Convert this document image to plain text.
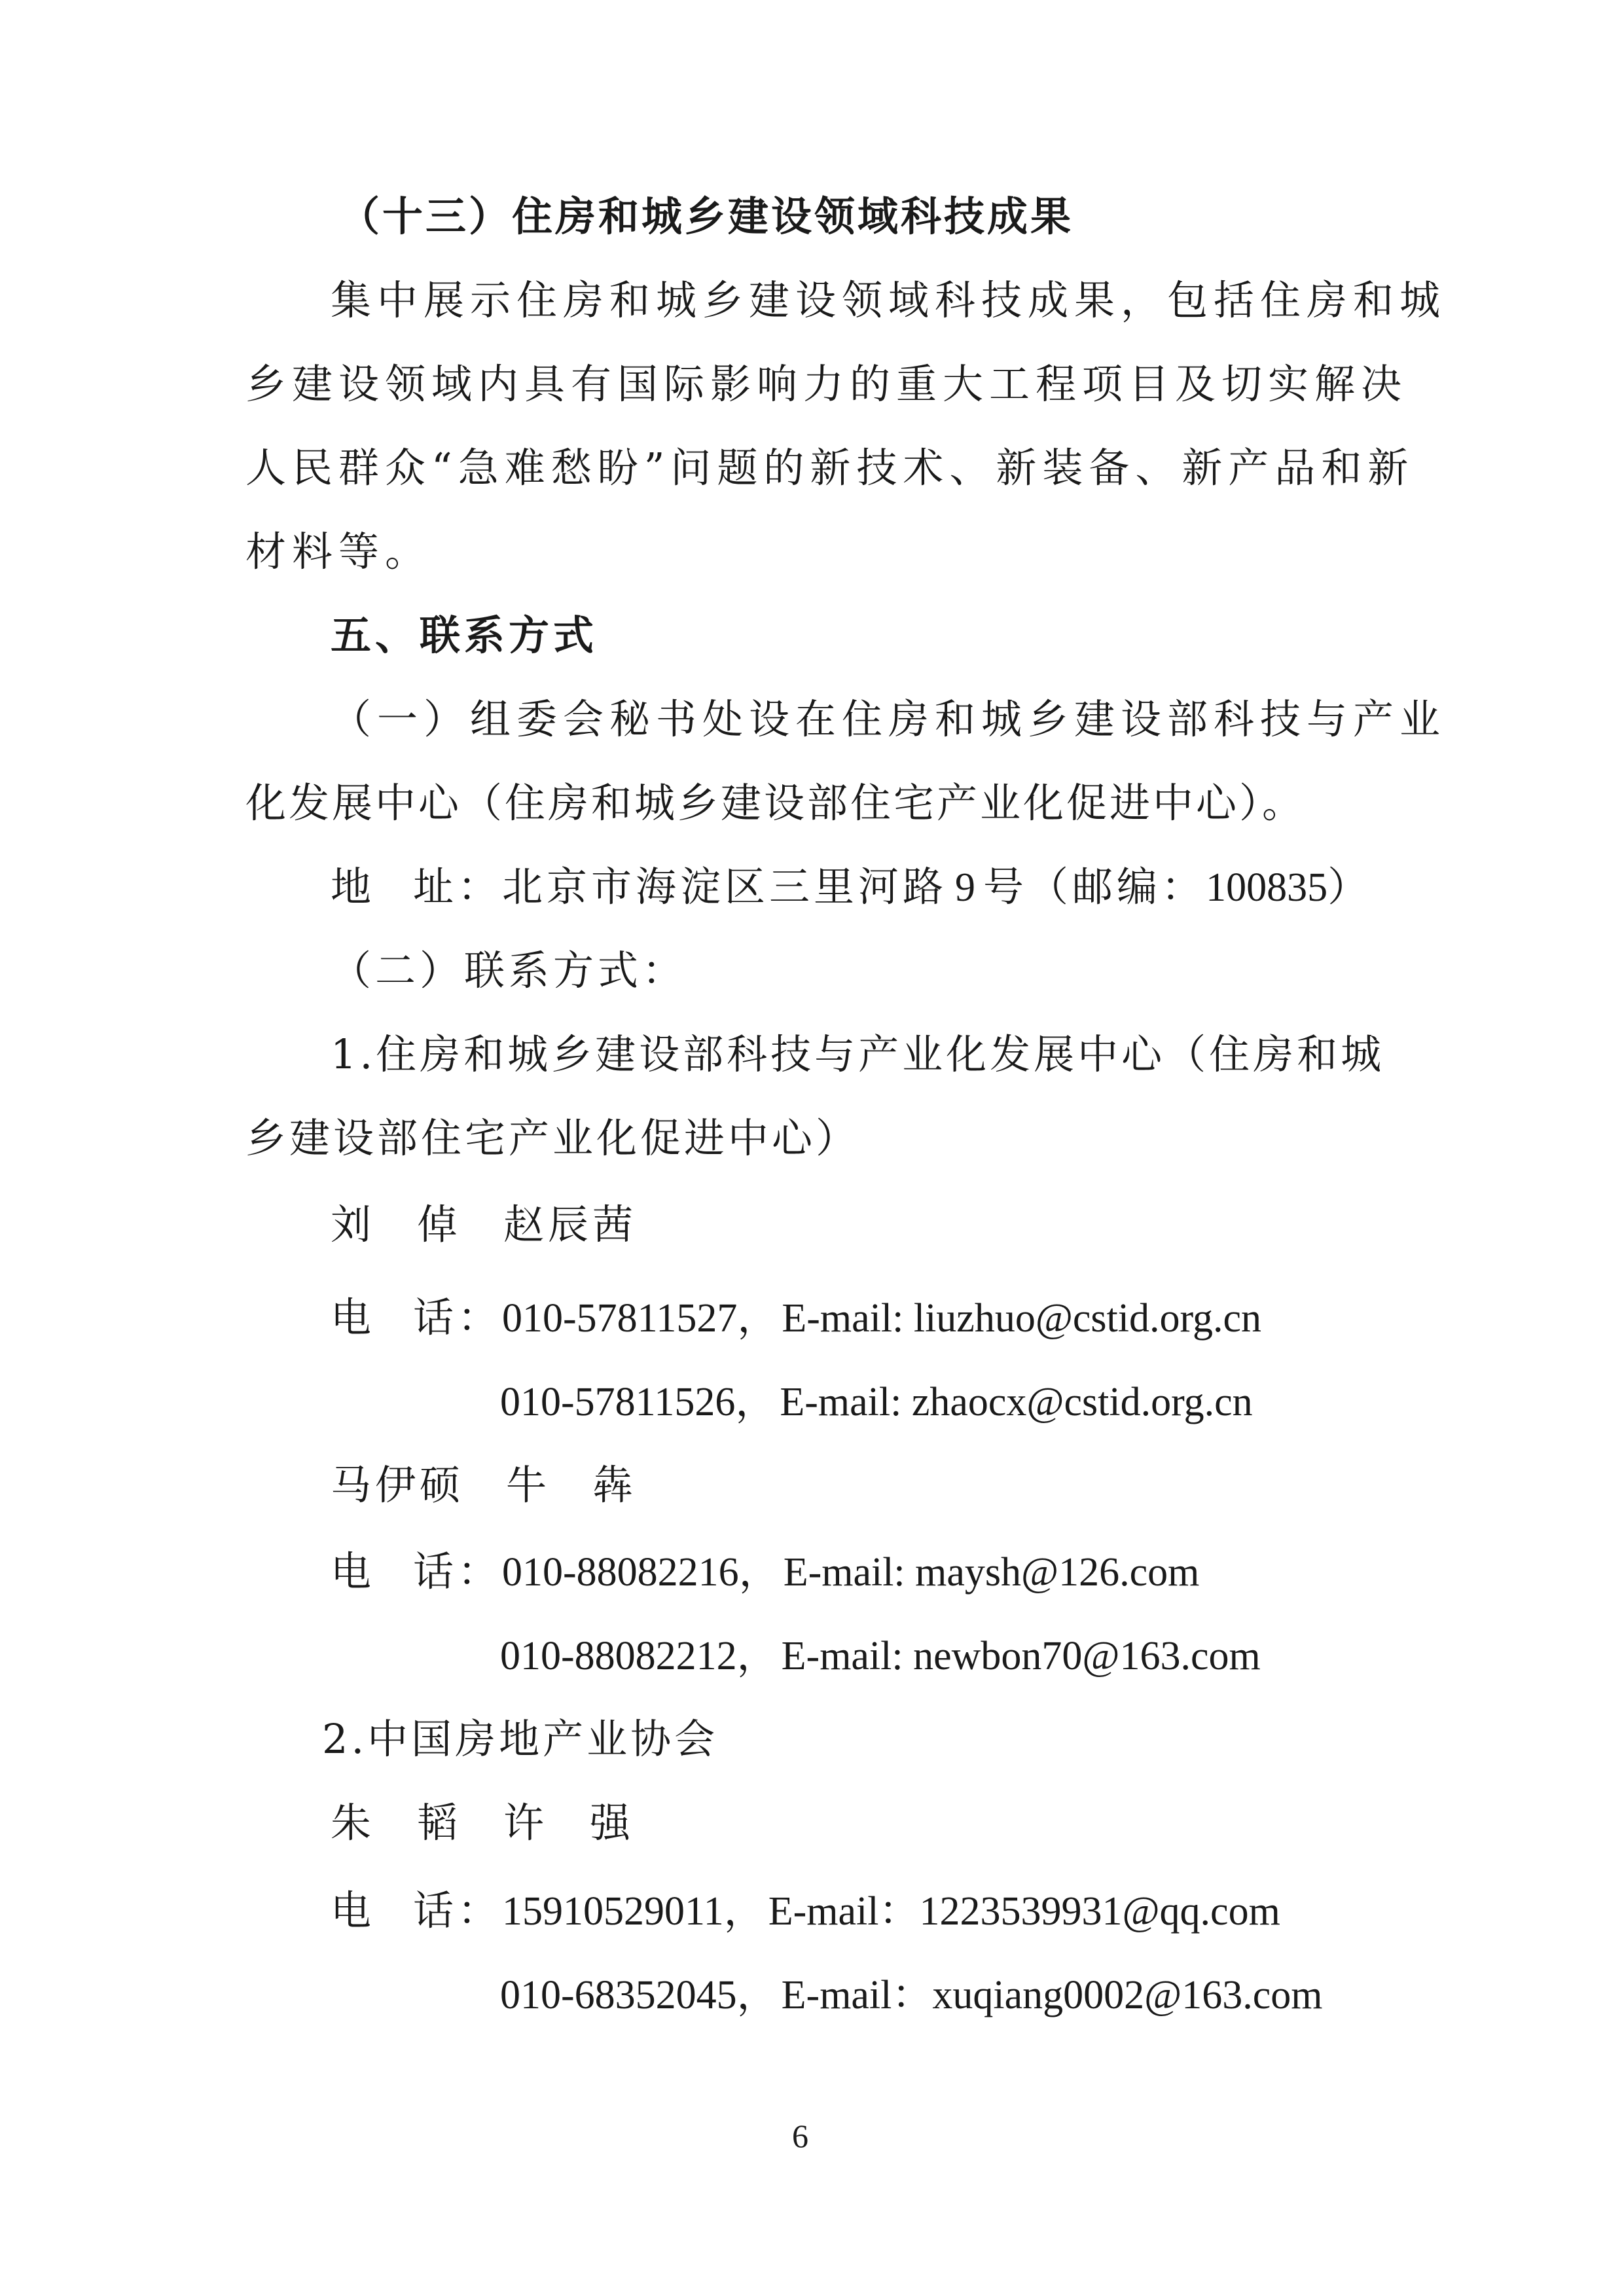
（十三）住房和城乡建设领域科技成果
集中展示住房和城乡建设领域科技成果，包括住房和城
乡建设领域内具有国际影响力的重大工程项目及切实解决
人民群众“急难愁盼”问题的新技术、新装备、新产品和新
材料等。
五、联系方式
（一）组委会秘书处设在住房和城乡建设部科技与产业
化发展中心（住房和城乡建设部住宅产业化促进中心）。
地 址：北京市海淀区三里河路 9 号（邮编：100835）
（二）联系方式：
1.住房和城乡建设部科技与产业化发展中心（住房和城
乡建设部住宅产业化促进中心）
刘 倬 赵辰茜
电 话：010-57811527，E-mail: liuzhuo@cstid.org.cn
010-57811526，E-mail: zhaocx@cstid.org.cn
马伊硕 牛 犇
电 话：010-88082216，E-mail: maysh@126.com
010-88082212，E-mail: newbon70@163.com
2.中国房地产业协会
朱 韬 许 强
电 话：15910529011，E-mail：1223539931@qq.com
010-68352045，E-mail：xuqiang0002@163.com
6
